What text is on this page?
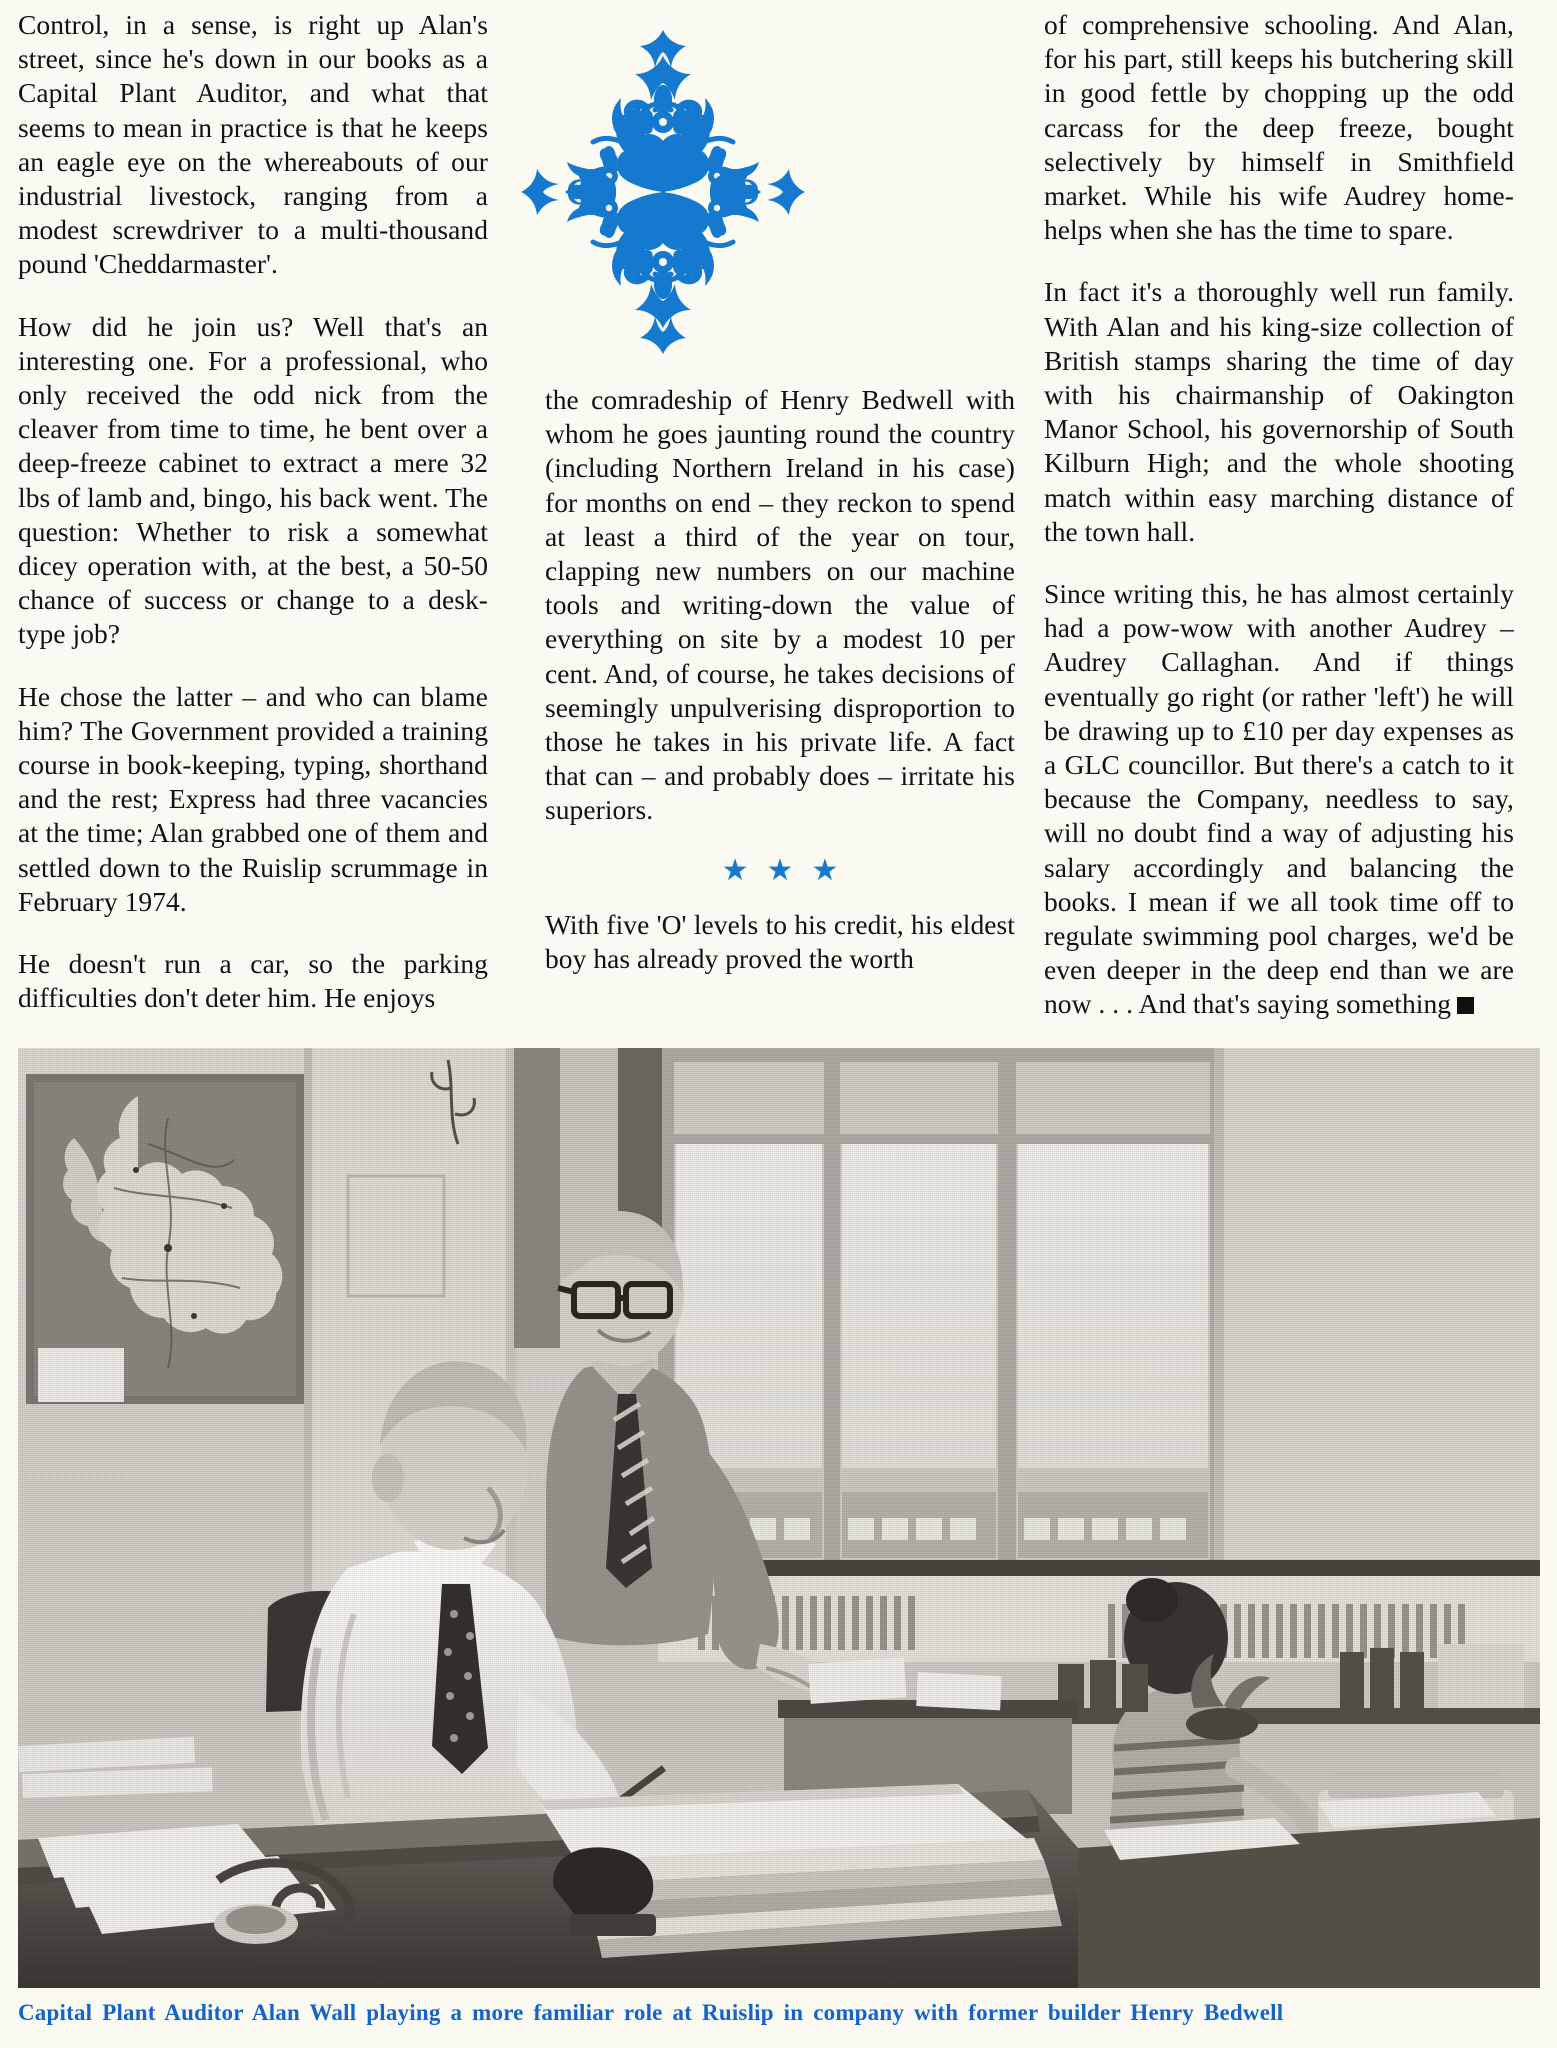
Control, in a sense, is right up Alan's street, since he's down in our books as a Capital Plant Auditor, and what that seems to mean in practice is that he keeps an eagle eye on the whereabouts of our industrial livestock, ranging from a modest screwdriver to a multi-thousand pound 'Cheddarmaster'.

How did he join us? Well that's an interesting one. For a professional, who only received the odd nick from the cleaver from time to time, he bent over a deep-freeze cabinet to extract a mere 32 lbs of lamb and, bingo, his back went. The question: Whether to risk a somewhat dicey operation with, at the best, a 50-50 chance of success or change to a desk-type job?

He chose the latter – and who can blame him? The Government provided a training course in book-keeping, typing, shorthand and the rest; Express had three vacancies at the time; Alan grabbed one of them and settled down to the Ruislip scrummage in February 1974.

He doesn't run a car, so the parking difficulties don't deter him. He enjoys

the comradeship of Henry Bedwell with whom he goes jaunting round the country (including Northern Ireland in his case) for months on end – they reckon to spend at least a third of the year on tour, clapping new numbers on our machine tools and writing-down the value of everything on site by a modest 10 per cent. And, of course, he takes decisions of seemingly unpulverising disproportion to those he takes in his private life. A fact that can – and probably does – irritate his superiors.

★★★

With five 'O' levels to his credit, his eldest boy has already proved the worth

of comprehensive schooling. And Alan, for his part, still keeps his butchering skill in good fettle by chopping up the odd carcass for the deep freeze, bought selectively by himself in Smithfield market. While his wife Audrey home-helps when she has the time to spare.

In fact it's a thoroughly well run family. With Alan and his king-size collection of British stamps sharing the time of day with his chairmanship of Oakington Manor School, his governorship of South Kilburn High; and the whole shooting match within easy marching distance of the town hall.

Since writing this, he has almost certainly had a pow-wow with another Audrey – Audrey Callaghan. And if things eventually go right (or rather 'left') he will be drawing up to £10 per day expenses as a GLC councillor. But there's a catch to it because the Company, needless to say, will no doubt find a way of adjusting his salary accordingly and balancing the books. I mean if we all took time off to regulate swimming pool charges, we'd be even deeper in the deep end than we are now . . . And that's saying something

Capital Plant Auditor Alan Wall playing a more familiar role at Ruislip in company with former builder Henry Bedwell
